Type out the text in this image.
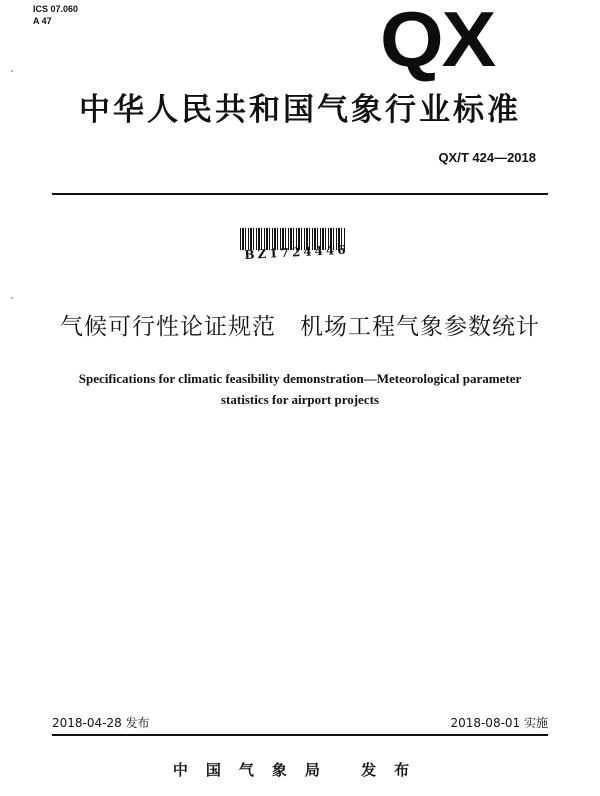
ICS 07.060
A 47	QX
中华人民共和国气象行业标准
QX/T 424—2018
BZ1724446
气候可行性论证规范　机场工程气象参数统计
Specifications for climatic feasibility demonstration—Meteorological parameter
statistics for airport projects
2018-04-28 发布	2018-08-01 实施
中国气象局 发布
